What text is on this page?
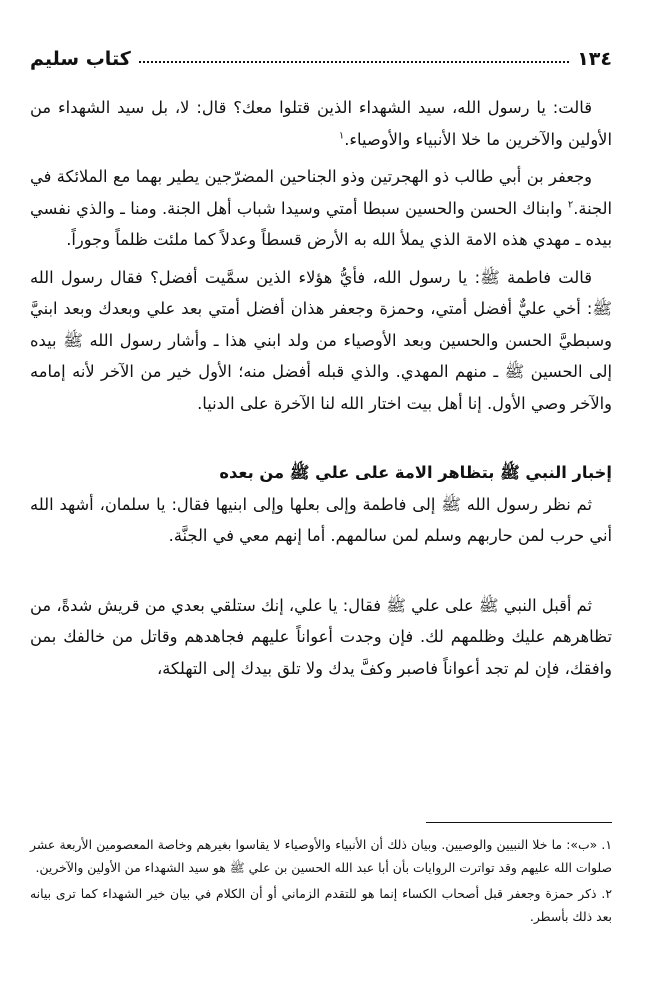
١٣٤
كتاب سليم

قالت: يا رسول الله، سيد الشهداء الذين قتلوا معك؟ قال: لا، بل سيد الشهداء من الأولين والآخرين ما خلا الأنبياء والأوصياء.$^١$

وجعفر بن أبي طالب ذو الهجرتين وذو الجناحين المضرّجين يطير بهما مع الملائكة في الجنة.$^٢$ وابناك الحسن والحسين سبطا أمتي وسيدا شباب أهل الجنة. ومنا ـ والذي نفسي بيده ـ مهدي هذه الامة الذي يملأ الله به الأرض قسطاً وعدلاً كما ملئت ظلماً وجوراً.

قالت فاطمة ﷺ: يا رسول الله، فأيُّ هؤلاء الذين سمَّيت أفضل؟ فقال رسول الله ﷺ: أخي عليٌّ أفضل أمتي، وحمزة وجعفر هذان أفضل أمتي بعد علي وبعدك وبعد ابنيَّ وسبطيَّ الحسن والحسين وبعد الأوصياء من ولد ابني هذا ـ وأشار رسول الله ﷺ بيده إلى الحسين ﷺ ـ منهم المهدي. والذي قبله أفضل منه؛ الأول خير من الآخر لأنه إمامه والآخر وصي الأول. إنا أهل بيت اختار الله لنا الآخرة على الدنيا.

إخبار النبي ﷺ بتظاهر الامة على علي ﷺ من بعده

ثم نظر رسول الله ﷺ إلى فاطمة وإلى بعلها وإلى ابنيها فقال: يا سلمان، أشهد الله أني حرب لمن حاربهم وسلم لمن سالمهم. أما إنهم معي في الجنَّة.

ثم أقبل النبي ﷺ على علي ﷺ فقال: يا علي، إنك ستلقي بعدي من قريش شدةً، من تظاهرهم عليك وظلمهم لك. فإن وجدت أعواناً عليهم فجاهدهم وقاتل من خالفك بمن وافقك، فإن لم تجد أعواناً فاصبر وكفَّ يدك ولا تلق بيدك إلى التهلكة،

١. «ب»: ما خلا النبيين والوصيين. وبيان ذلك أن الأنبياء والأوصياء لا يقاسوا بغيرهم وخاصة المعصومين الأربعة عشر صلوات الله عليهم وقد تواترت الروايات بأن أبا عبد الله الحسين بن علي ﷺ هو سيد الشهداء من الأولين والآخرين.

٢. ذكر حمزة وجعفر قبل أصحاب الكساء إنما هو للتقدم الزماني أو أن الكلام في بيان خير الشهداء كما ترى بيانه بعد ذلك بأسطر.
